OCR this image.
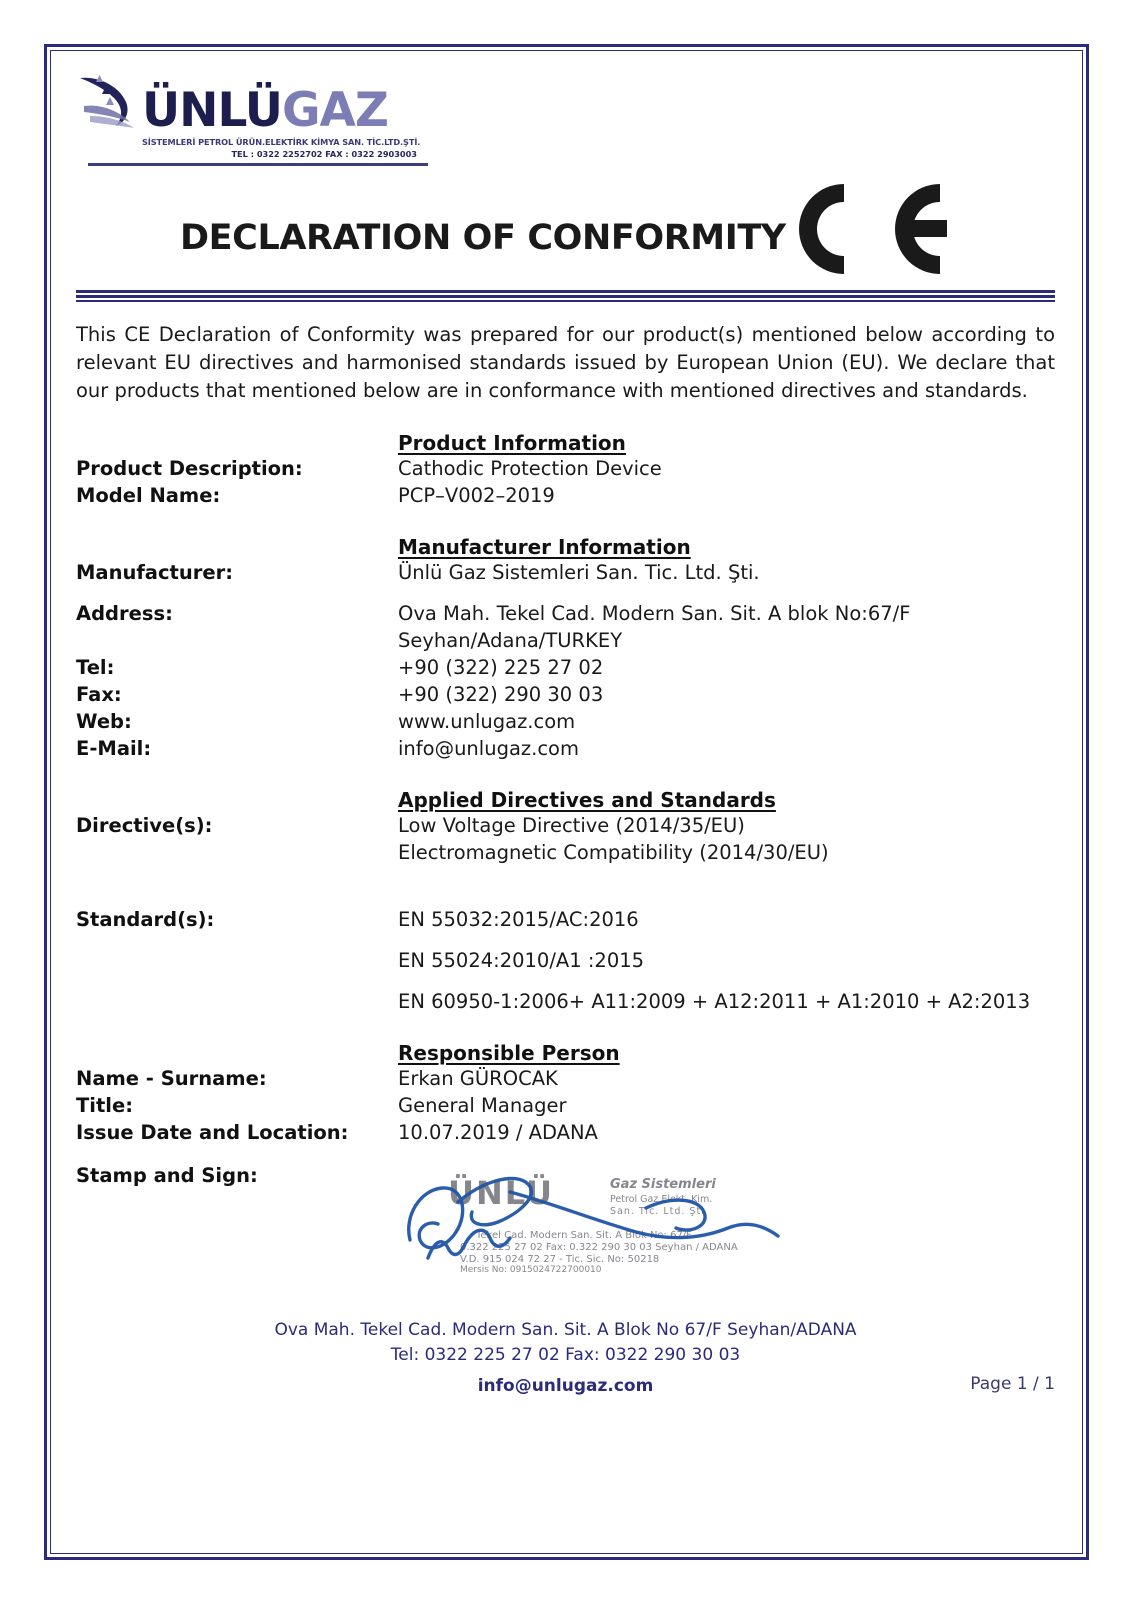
ÜNLÜGAZ
SİSTEMLERİ PETROL ÜRÜN.ELEKTİRK KİMYA SAN. TİC.LTD.ŞTİ.
TEL : 0322 2252702 FAX : 0322 2903003
DECLARATION OF CONFORMITY
This CE Declaration of Conformity was prepared for our product(s) mentioned below according to relevant EU directives and harmonised standards issued by European Union (EU). We declare that our products that mentioned below are in conformance with mentioned directives and standards.
Product Information
Product Description:	Cathodic Protection Device
Model Name:	PCP–V002–2019
Manufacturer Information
Manufacturer:	Ünlü Gaz Sistemleri San. Tic. Ltd. Şti.
Address:	Ova Mah. Tekel Cad. Modern San. Sit. A blok No:67/F
Seyhan/Adana/TURKEY
Tel:	+90 (322) 225 27 02
Fax:	+90 (322) 290 30 03
Web:	www.unlugaz.com
E-Mail:	info@unlugaz.com
Applied Directives and Standards
Directive(s):	Low Voltage Directive (2014/35/EU)
Electromagnetic Compatibility (2014/30/EU)
Standard(s):	EN 55032:2015/AC:2016
EN 55024:2010/A1 :2015
EN 60950-1:2006+ A11:2009 + A12:2011 + A1:2010 + A2:2013
Responsible Person
Name - Surname:	Erkan GÜROCAK
Title:	General Manager
Issue Date and Location:	10.07.2019 / ADANA
Stamp and Sign:	ÜNLÜ	Gaz Sistemleri
Petrol Gaz Elekt. Kim.
San. Tic. Ltd. Şti
Tekel Cad. Modern San. Sit. A Blok No: 67/F
0.322 225 27 02 Fax: 0.322 290 30 03 Seyhan / ADANA
V.D. 915 024 72 27 - Tic. Sic. No: 50218
Mersis No: 0915024722700010
Ova Mah. Tekel Cad. Modern San. Sit. A Blok No 67/F Seyhan/ADANA
Tel: 0322 225 27 02 Fax: 0322 290 30 03
info@unlugaz.com	Page 1 / 1
